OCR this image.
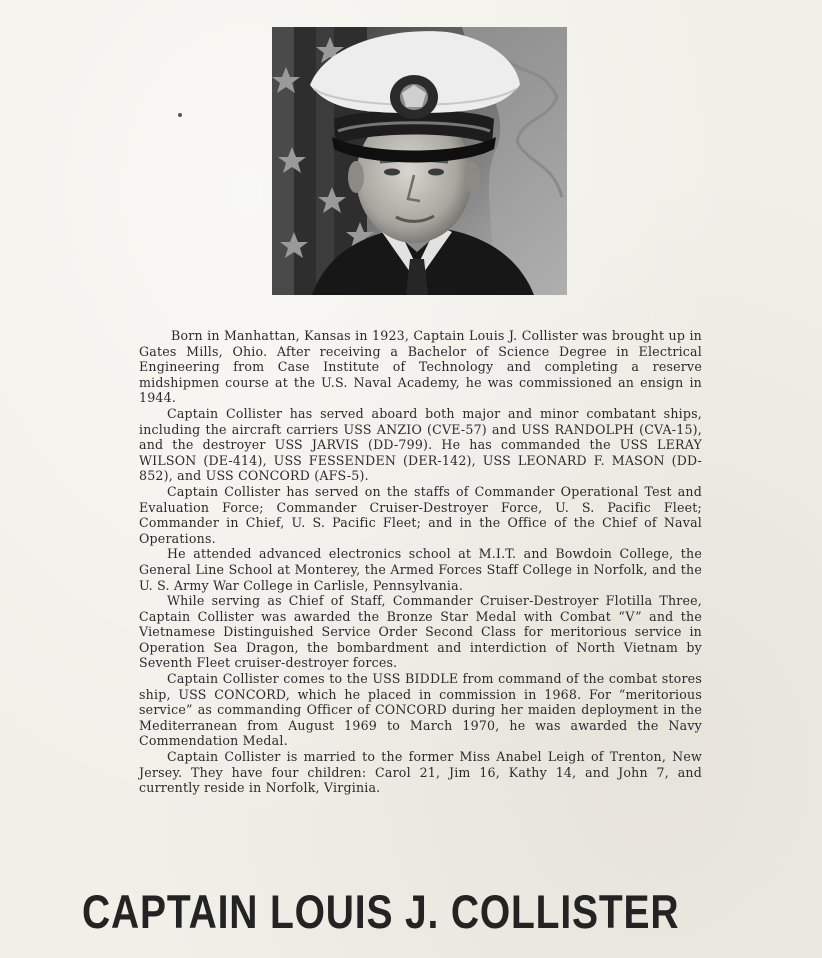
Born in Manhattan, Kansas in 1923, Captain Louis J. Collister was brought up in Gates Mills, Ohio. After receiving a Bachelor of Science Degree in Electrical Engineering from Case Institute of Technology and completing a reserve midshipmen course at the U.S. Naval Academy, he was commissioned an ensign in 1944.

Captain Collister has served aboard both major and minor combatant ships, including the aircraft carriers USS ANZIO (CVE-57) and USS RANDOLPH (CVA-15), and the destroyer USS JARVIS (DD-799). He has commanded the USS LERAY WILSON (DE-414), USS FESSENDEN (DER-142), USS LEONARD F. MASON (DD-852), and USS CONCORD (AFS-5).

Captain Collister has served on the staffs of Commander Operational Test and Evaluation Force; Commander Cruiser-Destroyer Force, U. S. Pacific Fleet; Commander in Chief, U. S. Pacific Fleet; and in the Office of the Chief of Naval Operations.

He attended advanced electronics school at M.I.T. and Bowdoin College, the General Line School at Monterey, the Armed Forces Staff College in Norfolk, and the U. S. Army War College in Carlisle, Pennsylvania.

While serving as Chief of Staff, Commander Cruiser-Destroyer Flotilla Three, Captain Collister was awarded the Bronze Star Medal with Combat “V” and the Vietnamese Distinguished Service Order Second Class for meritorious service in Operation Sea Dragon, the bombardment and interdiction of North Vietnam by Seventh Fleet cruiser-destroyer forces.

Captain Collister comes to the USS BIDDLE from command of the combat stores ship, USS CONCORD, which he placed in commission in 1968. For “meritorious service” as commanding Officer of CONCORD during her maiden deployment in the Mediterranean from August 1969 to March 1970, he was awarded the Navy Commendation Medal.

Captain Collister is married to the former Miss Anabel Leigh of Trenton, New Jersey. They have four children: Carol 21, Jim 16, Kathy 14, and John 7, and currently reside in Norfolk, Virginia.

CAPTAIN LOUIS J. COLLISTER
